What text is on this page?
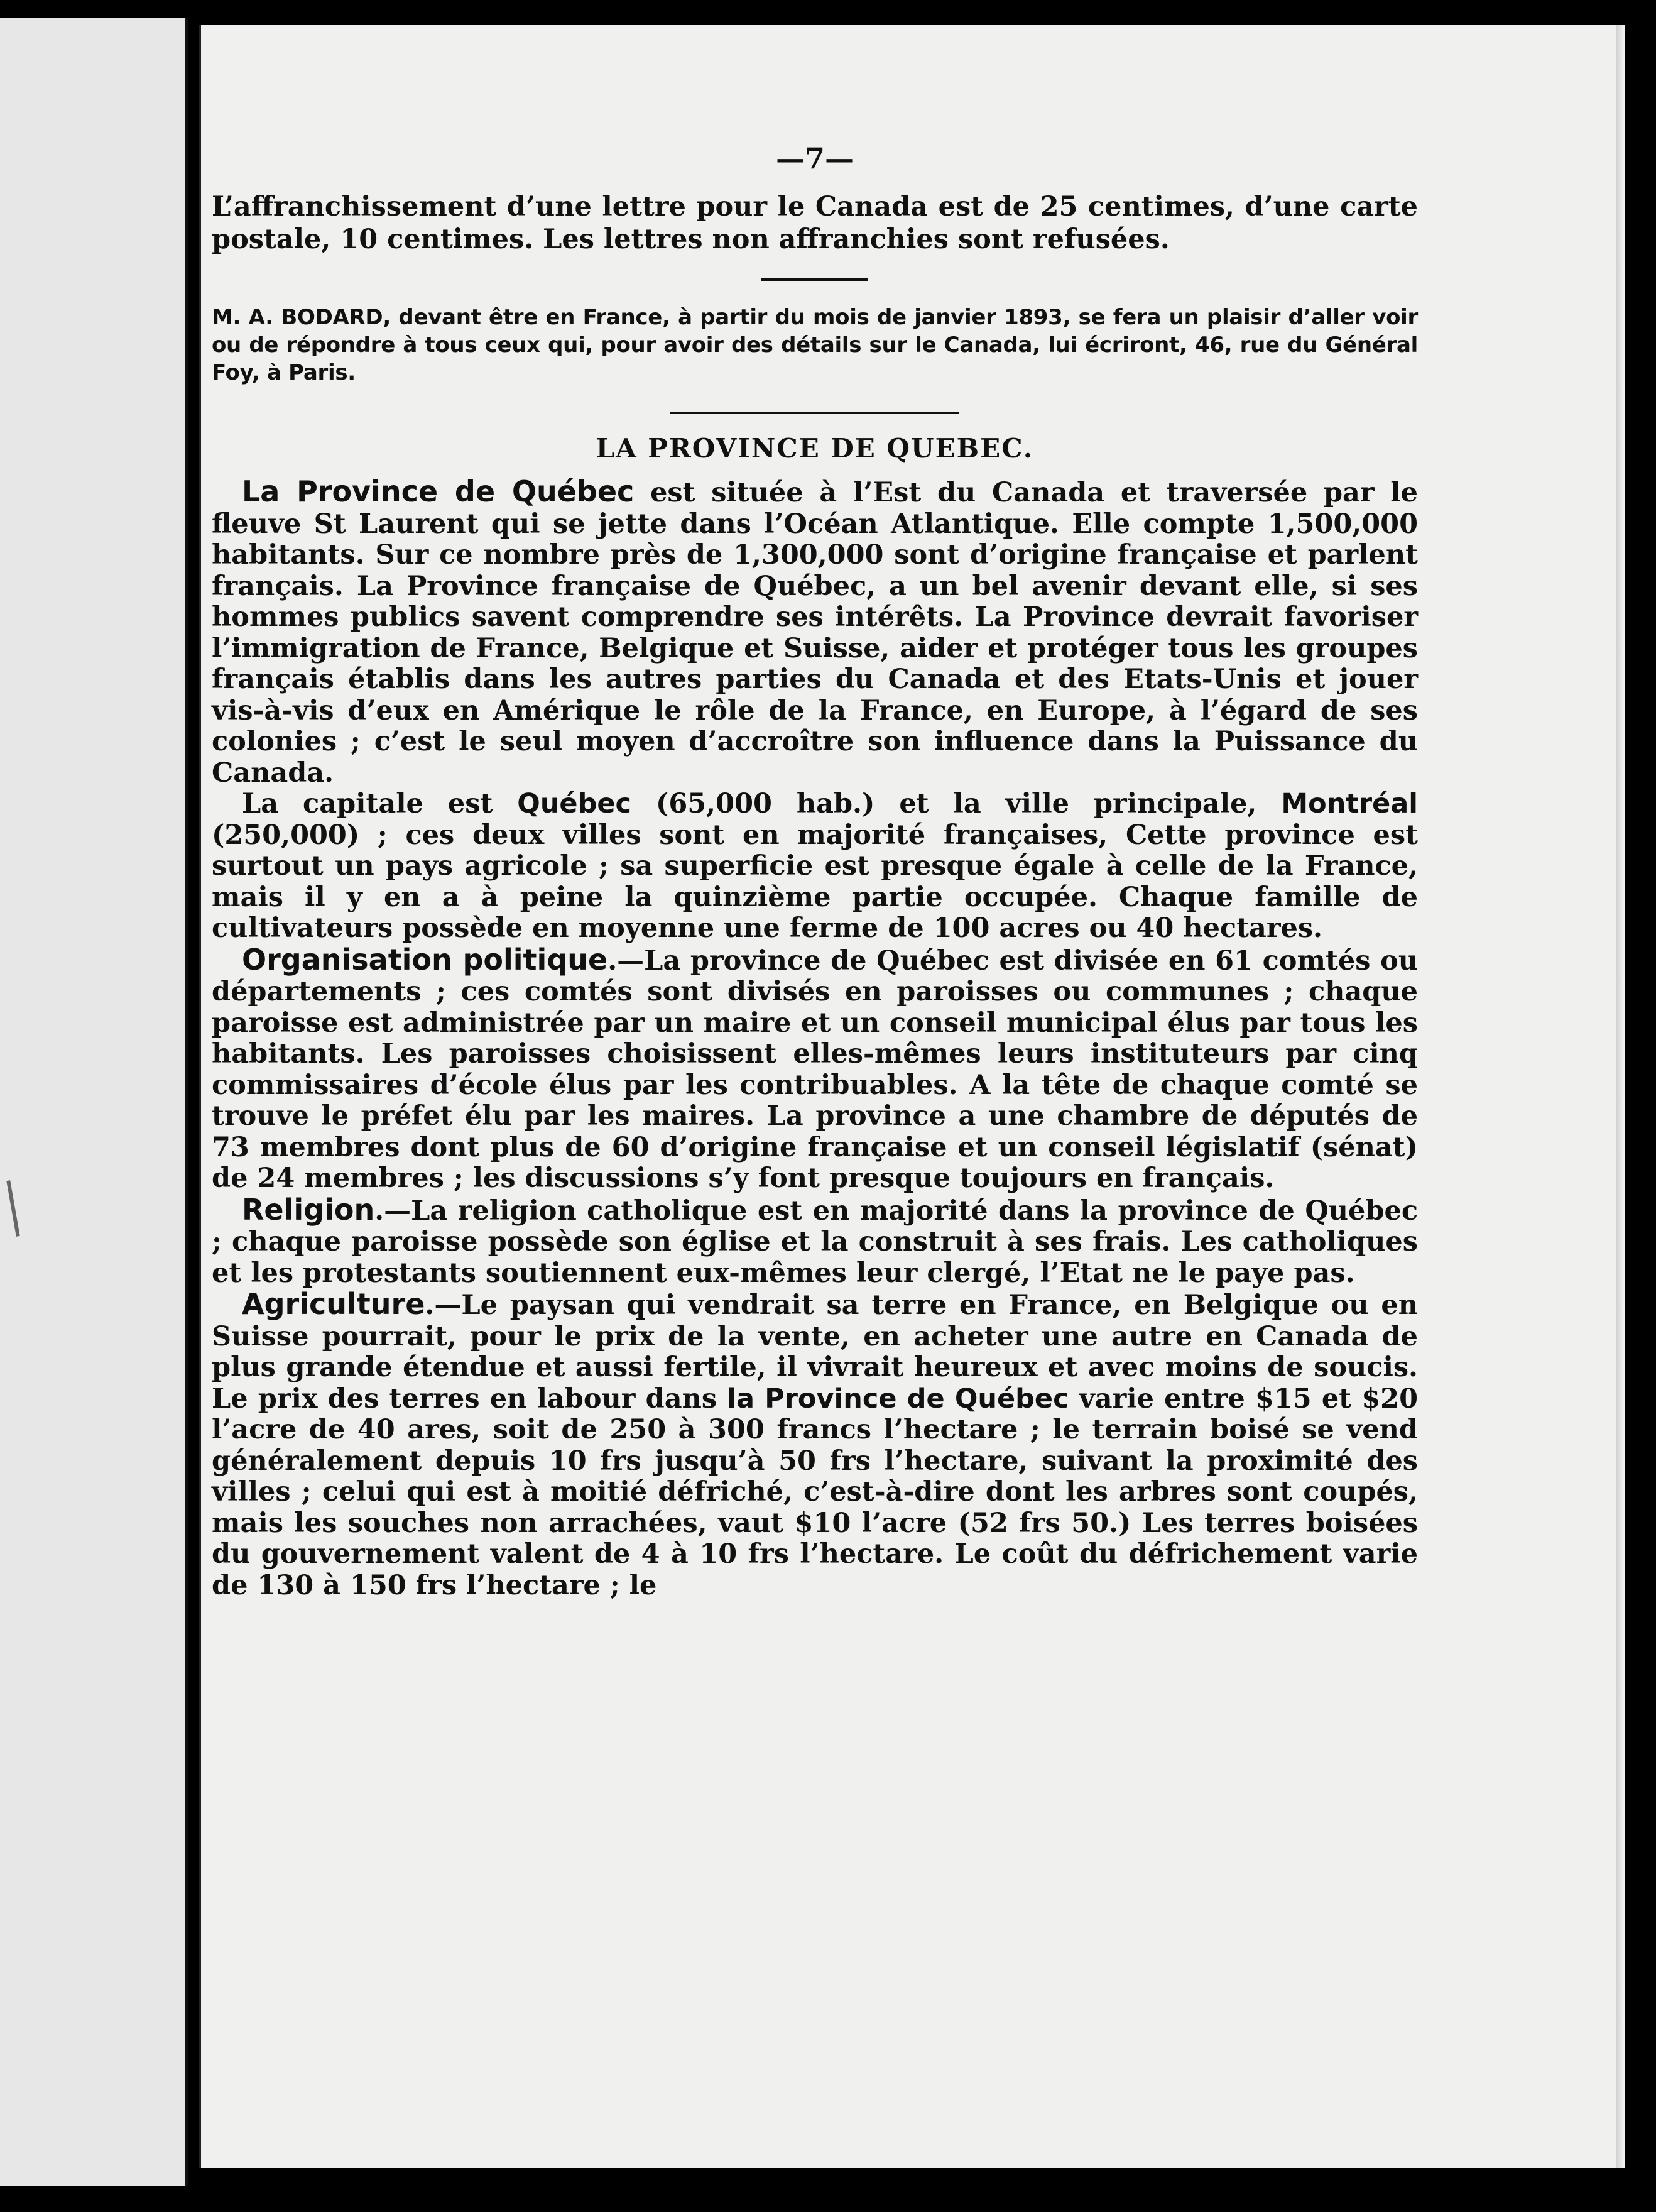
—7—

L’affranchissement d’une lettre pour le Canada est de 25 centimes, d’une carte postale, 10 centimes. Les lettres non affranchies sont refusées.

M. A. BODARD, devant être en France, à partir du mois de janvier 1893, se fera un plaisir d’aller voir ou de répondre à tous ceux qui, pour avoir des détails sur le Canada, lui écriront, 46, rue du Général Foy, à Paris.

LA PROVINCE DE QUEBEC.

La Province de Québec est située à l’Est du Canada et traversée par le fleuve St Laurent qui se jette dans l’Océan Atlantique. Elle compte 1,500,000 habitants. Sur ce nombre près de 1,300,000 sont d’origine française et parlent français. La Province française de Québec, a un bel avenir devant elle, si ses hommes publics savent comprendre ses intérêts. La Province devrait favoriser l’immigration de France, Belgique et Suisse, aider et protéger tous les groupes français établis dans les autres parties du Canada et des Etats-Unis et jouer vis-à-vis d’eux en Amérique le rôle de la France, en Europe, à l’égard de ses colonies ; c’est le seul moyen d’accroître son influence dans la Puissance du Canada.

La capitale est Québec (65,000 hab.) et la ville principale, Montréal (250,000) ; ces deux villes sont en majorité françaises, Cette province est surtout un pays agricole ; sa superficie est presque égale à celle de la France, mais il y en a à peine la quinzième partie occupée. Chaque famille de cultivateurs possède en moyenne une ferme de 100 acres ou 40 hectares.

Organisation politique.—La province de Québec est divisée en 61 comtés ou départements ; ces comtés sont divisés en paroisses ou communes ; chaque paroisse est administrée par un maire et un conseil municipal élus par tous les habitants. Les paroisses choisissent elles-mêmes leurs instituteurs par cinq commissaires d’école élus par les contribuables. A la tête de chaque comté se trouve le préfet élu par les maires. La province a une chambre de députés de 73 membres dont plus de 60 d’origine française et un conseil législatif (sénat) de 24 membres ; les discussions s’y font presque toujours en français.

Religion.—La religion catholique est en majorité dans la province de Québec ; chaque paroisse possède son église et la construit à ses frais. Les catholiques et les protestants soutiennent eux-mêmes leur clergé, l’Etat ne le paye pas.

Agriculture.—Le paysan qui vendrait sa terre en France, en Belgique ou en Suisse pourrait, pour le prix de la vente, en acheter une autre en Canada de plus grande étendue et aussi fertile, il vivrait heureux et avec moins de soucis. Le prix des terres en labour dans la Province de Québec varie entre $15 et $20 l’acre de 40 ares, soit de 250 à 300 francs l’hectare ; le terrain boisé se vend généralement depuis 10 frs jusqu’à 50 frs l’hectare, suivant la proximité des villes ; celui qui est à moitié défriché, c’est-à-dire dont les arbres sont coupés, mais les souches non arrachées, vaut $10 l’acre (52 frs 50.) Les terres boisées du gouvernement valent de 4 à 10 frs l’hectare. Le coût du défrichement varie de 130 à 150 frs l’hectare ; le
